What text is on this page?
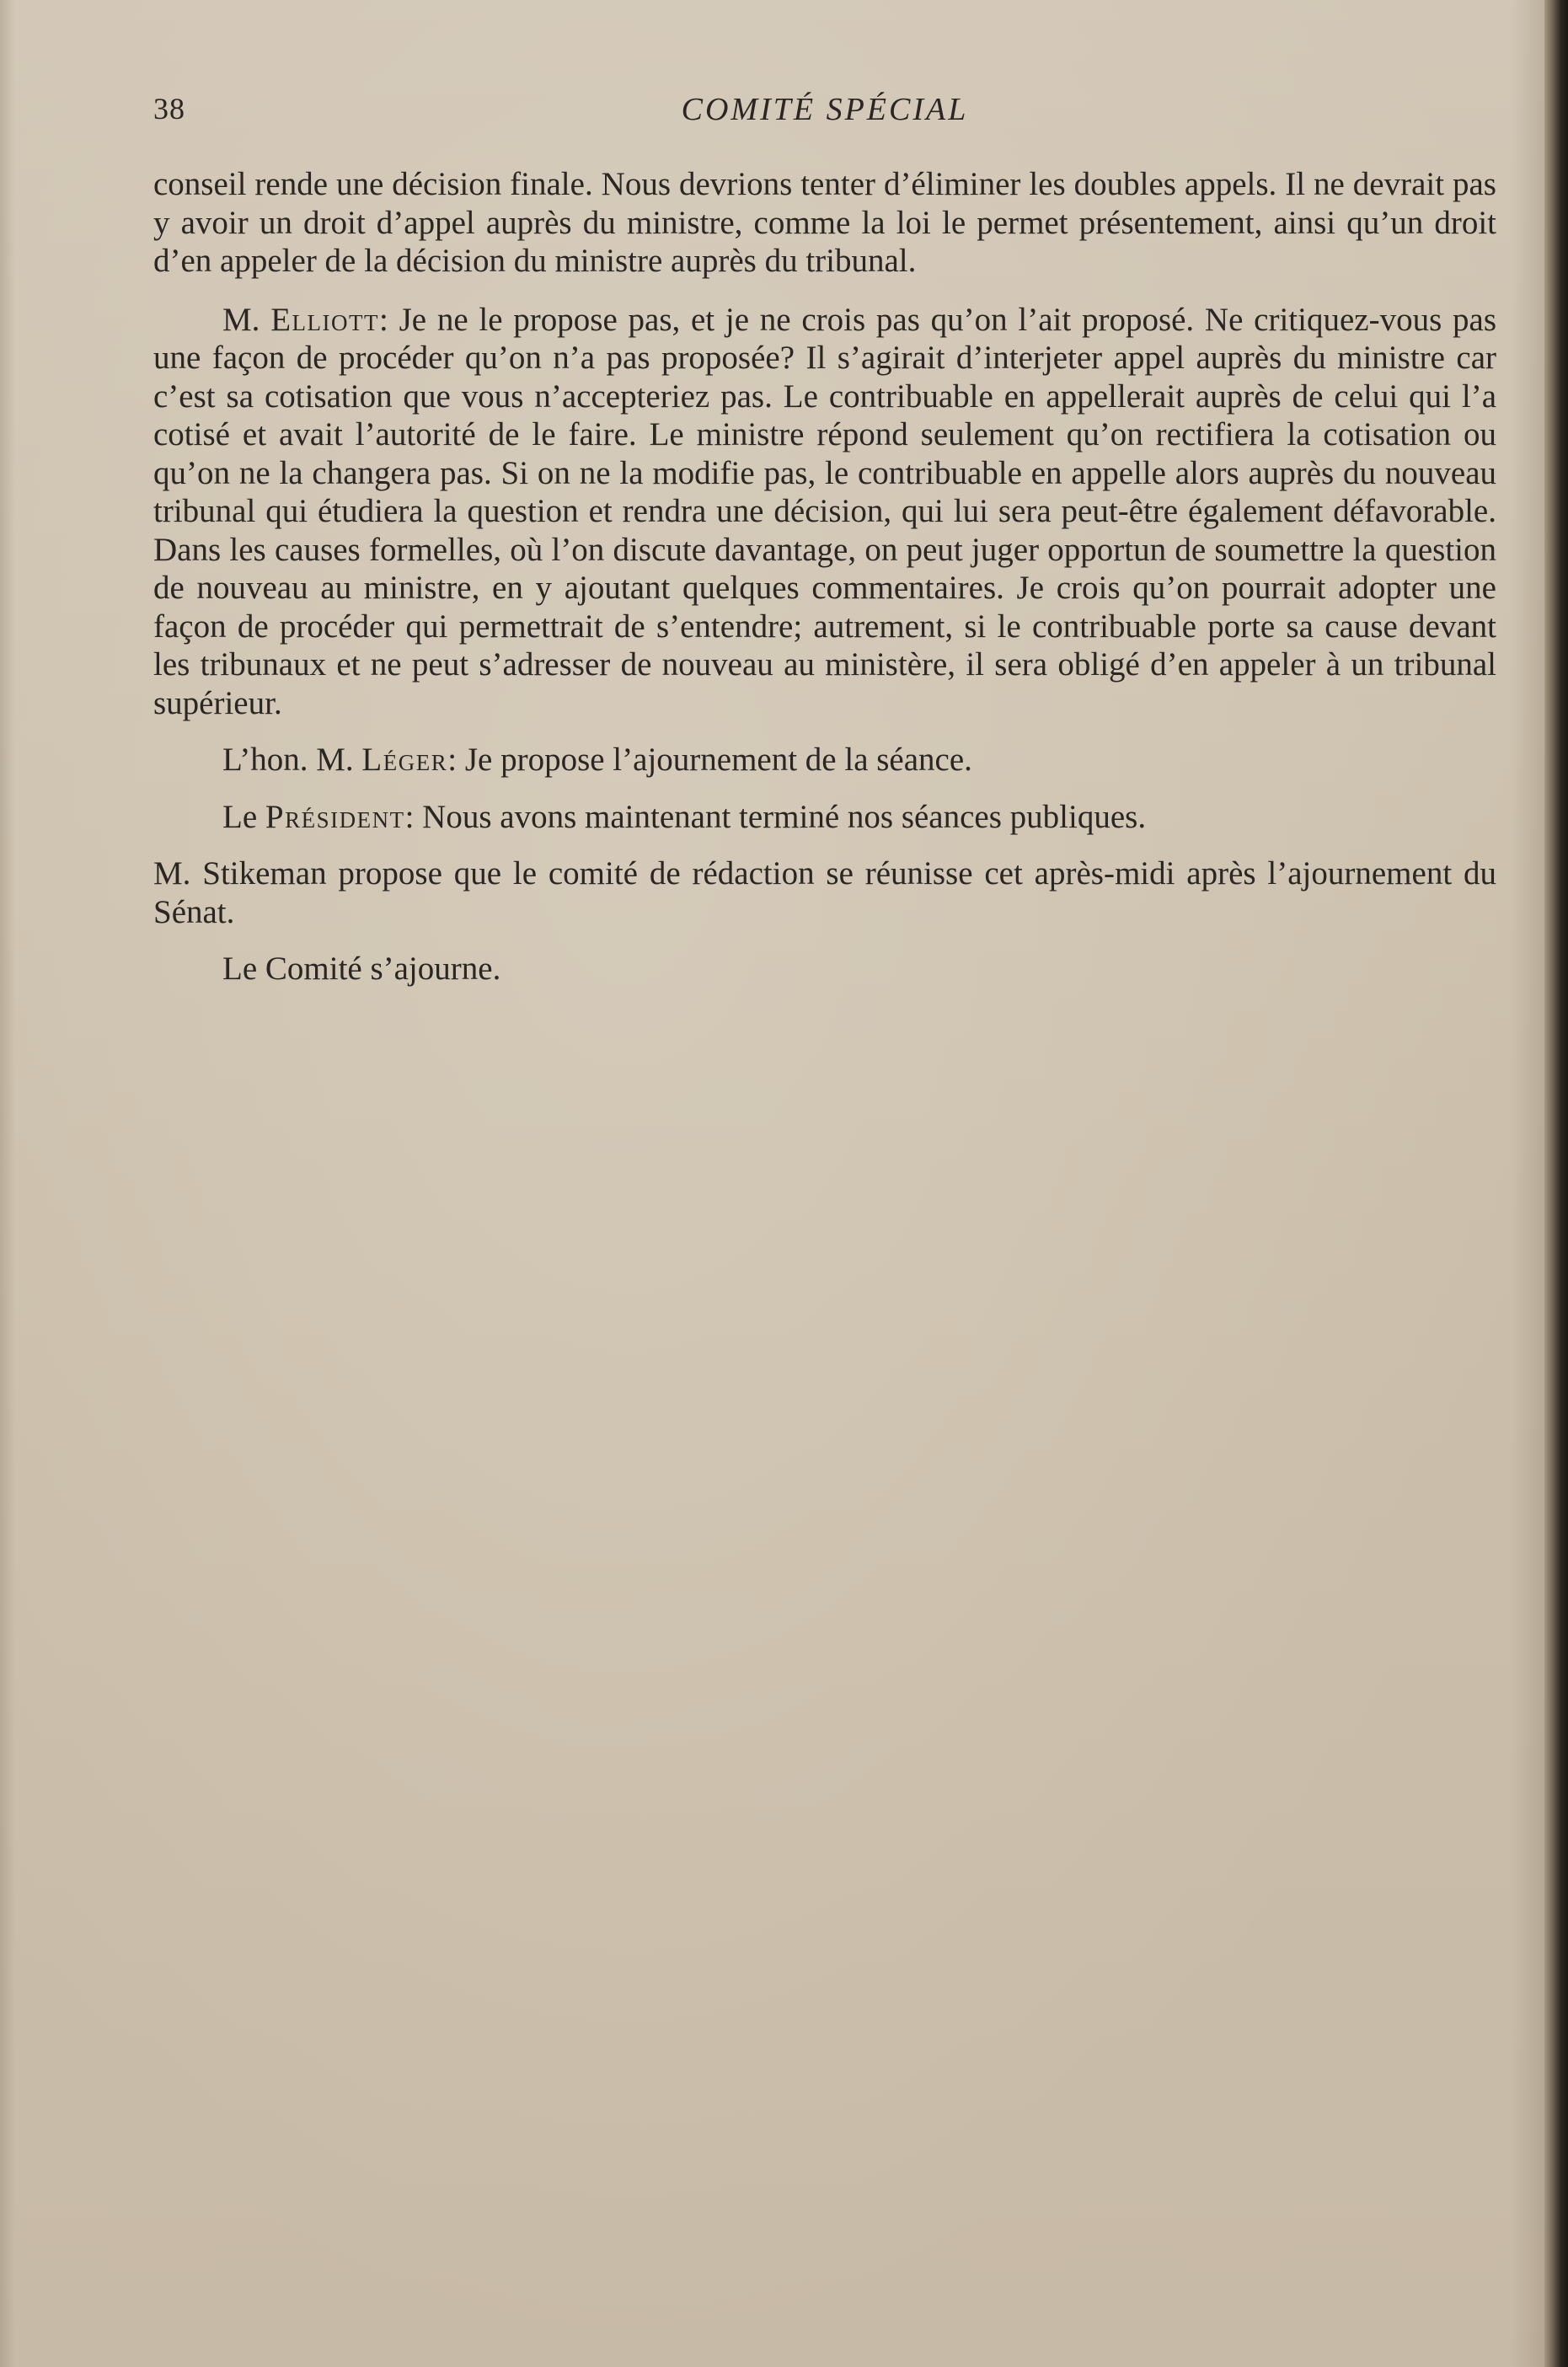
38	COMITÉ SPÉCIAL

conseil rende une décision finale. Nous devrions tenter d’éliminer les doubles appels. Il ne devrait pas y avoir un droit d’appel auprès du ministre, comme la loi le permet présentement, ainsi qu’un droit d’en appeler de la décision du ministre auprès du tribunal.

M. Elliott: Je ne le propose pas, et je ne crois pas qu’on l’ait proposé. Ne critiquez-vous pas une façon de procéder qu’on n’a pas proposée? Il s’agirait d’interjeter appel auprès du ministre car c’est sa cotisation que vous n’accepteriez pas. Le contribuable en appellerait auprès de celui qui l’a cotisé et avait l’autorité de le faire. Le ministre répond seulement qu’on rectifiera la cotisation ou qu’on ne la changera pas. Si on ne la modifie pas, le contribuable en appelle alors auprès du nouveau tribunal qui étudiera la question et rendra une décision, qui lui sera peut-être également défavorable. Dans les causes formelles, où l’on discute davantage, on peut juger opportun de soumettre la question de nouveau au ministre, en y ajoutant quelques commentaires. Je crois qu’on pourrait adopter une façon de procéder qui permettrait de s’entendre; autrement, si le contribuable porte sa cause devant les tribunaux et ne peut s’adresser de nouveau au ministère, il sera obligé d’en appeler à un tribunal supérieur.

L’hon. M. Léger: Je propose l’ajournement de la séance.

Le Président: Nous avons maintenant terminé nos séances publiques.

M. Stikeman propose que le comité de rédaction se réunisse cet après-midi après l’ajournement du Sénat.

Le Comité s’ajourne.
